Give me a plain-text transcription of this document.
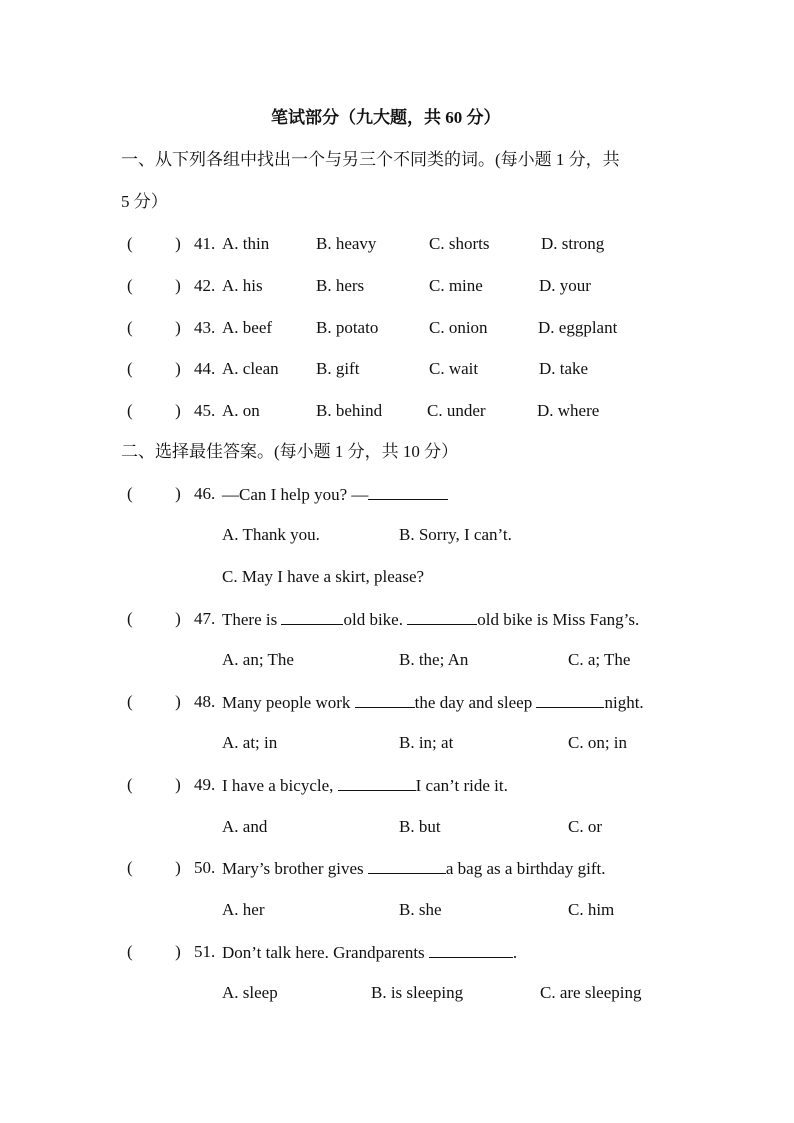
笔试部分（九大题，共 60 分）
一、从下列各组中找出一个与另三个不同类的词。(每小题 1 分，共
5 分）
(          ) 41. A. thin	B. heavy	C. shorts	D. strong
(          ) 42. A. his	B. hers	C. mine	D. your
(          ) 43. A. beef	B. potato	C. onion	D. eggplant
(          ) 44. A. clean B. gift	C. wait	D. take
(          ) 45. A. on	B. behind	C. under	D. where
二、选择最佳答案。(每小题 1 分，共 10 分）
(          ) 46. —Can I help you? —
A. Thank you.	B. Sorry, I can’t.
C. May I have a skirt, please?
(          ) 47. There is	old bike.	old bike is Miss Fang’s.
A. an; The	B. the; An	C. a; The
(          ) 48. Many people work	the day and sleep	night.
A. at; in	B. in; at	C. on; in
(          ) 49. I have a bicycle,	I can’t ride it.
A. and	B. but	C. or
(          ) 50. Mary’s brother gives	a bag as a birthday gift.
A. her	B. she	C. him
(          ) 51. Don’t talk here. Grandparents	.
A. sleep	B. is sleeping	C. are sleeping
